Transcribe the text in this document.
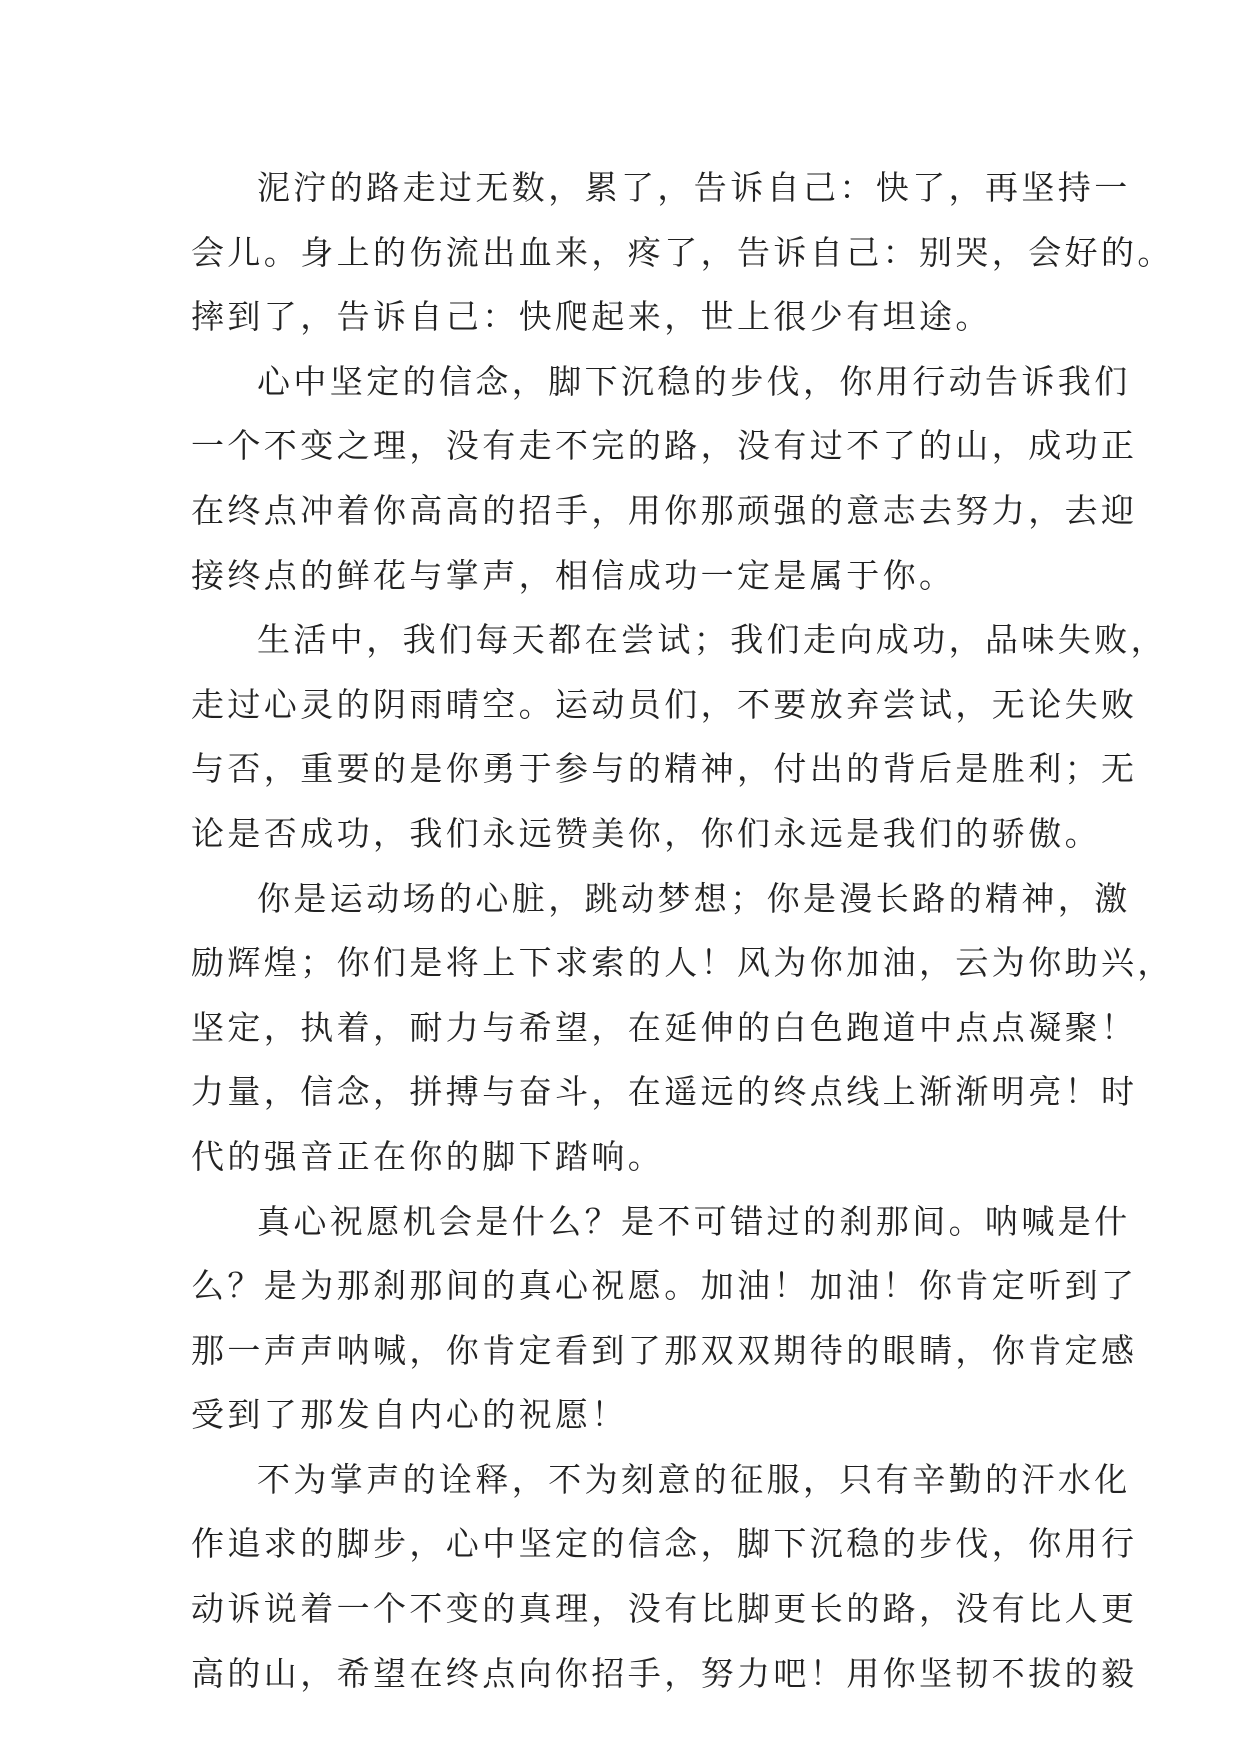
泥泞的路走过无数，累了，告诉自己：快了，再坚持一
会儿。身上的伤流出血来，疼了，告诉自己：别哭，会好的。
摔到了，告诉自己：快爬起来，世上很少有坦途。
心中坚定的信念，脚下沉稳的步伐，你用行动告诉我们
一个不变之理，没有走不完的路，没有过不了的山，成功正
在终点冲着你高高的招手，用你那顽强的意志去努力，去迎
接终点的鲜花与掌声，相信成功一定是属于你。
生活中，我们每天都在尝试；我们走向成功，品味失败，
走过心灵的阴雨晴空。运动员们，不要放弃尝试，无论失败
与否，重要的是你勇于参与的精神，付出的背后是胜利；无
论是否成功，我们永远赞美你，你们永远是我们的骄傲。
你是运动场的心脏，跳动梦想；你是漫长路的精神，激
励辉煌；你们是将上下求索的人！风为你加油，云为你助兴，
坚定，执着，耐力与希望，在延伸的白色跑道中点点凝聚！
力量，信念，拼搏与奋斗，在遥远的终点线上渐渐明亮！时
代的强音正在你的脚下踏响。
真心祝愿机会是什么？是不可错过的刹那间。呐喊是什
么？是为那刹那间的真心祝愿。加油！加油！你肯定听到了
那一声声呐喊，你肯定看到了那双双期待的眼睛，你肯定感
受到了那发自内心的祝愿！
不为掌声的诠释，不为刻意的征服，只有辛勤的汗水化
作追求的脚步，心中坚定的信念，脚下沉稳的步伐，你用行
动诉说着一个不变的真理，没有比脚更长的路，没有比人更
高的山，希望在终点向你招手，努力吧！用你坚韧不拔的毅
